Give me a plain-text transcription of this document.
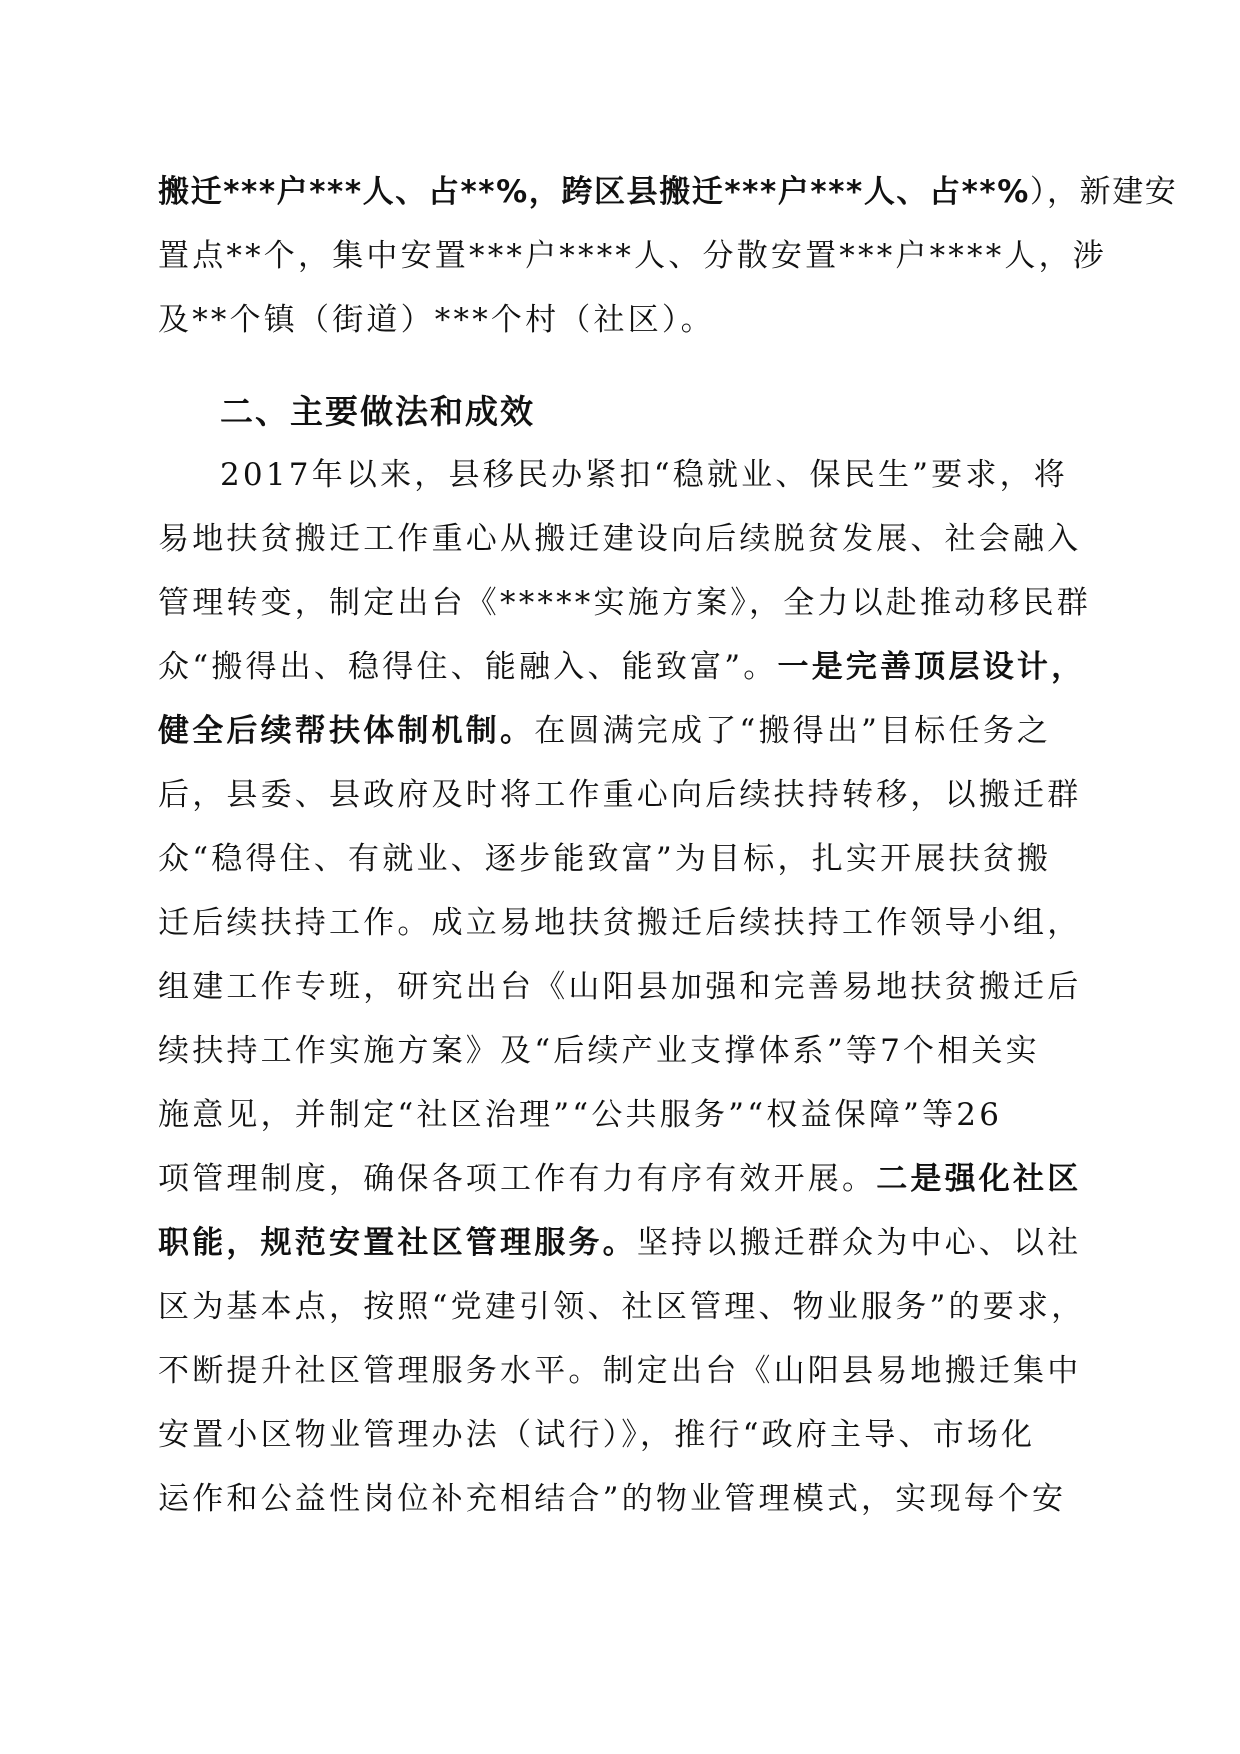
搬迁***户***人、占**%，跨区县搬迁***户***人、占**%），新建安
置点**个，集中安置***户****人、分散安置***户****人，涉
及**个镇（街道）***个村（社区）。
二、主要做法和成效
2017年以来，县移民办紧扣“稳就业、保民生”要求，将
易地扶贫搬迁工作重心从搬迁建设向后续脱贫发展、社会融入
管理转变，制定出台《*****实施方案》，全力以赴推动移民群
众“搬得出、稳得住、能融入、能致富”。一是完善顶层设计，
健全后续帮扶体制机制。在圆满完成了“搬得出”目标任务之
后，县委、县政府及时将工作重心向后续扶持转移，以搬迁群
众“稳得住、有就业、逐步能致富”为目标，扎实开展扶贫搬
迁后续扶持工作。成立易地扶贫搬迁后续扶持工作领导小组，
组建工作专班，研究出台《山阳县加强和完善易地扶贫搬迁后
续扶持工作实施方案》及“后续产业支撑体系”等7个相关实
施意见，并制定“社区治理”“公共服务”“权益保障”等26
项管理制度，确保各项工作有力有序有效开展。二是强化社区
职能，规范安置社区管理服务。坚持以搬迁群众为中心、以社
区为基本点，按照“党建引领、社区管理、物业服务”的要求，
不断提升社区管理服务水平。制定出台《山阳县易地搬迁集中
安置小区物业管理办法（试行）》，推行“政府主导、市场化
运作和公益性岗位补充相结合”的物业管理模式，实现每个安
